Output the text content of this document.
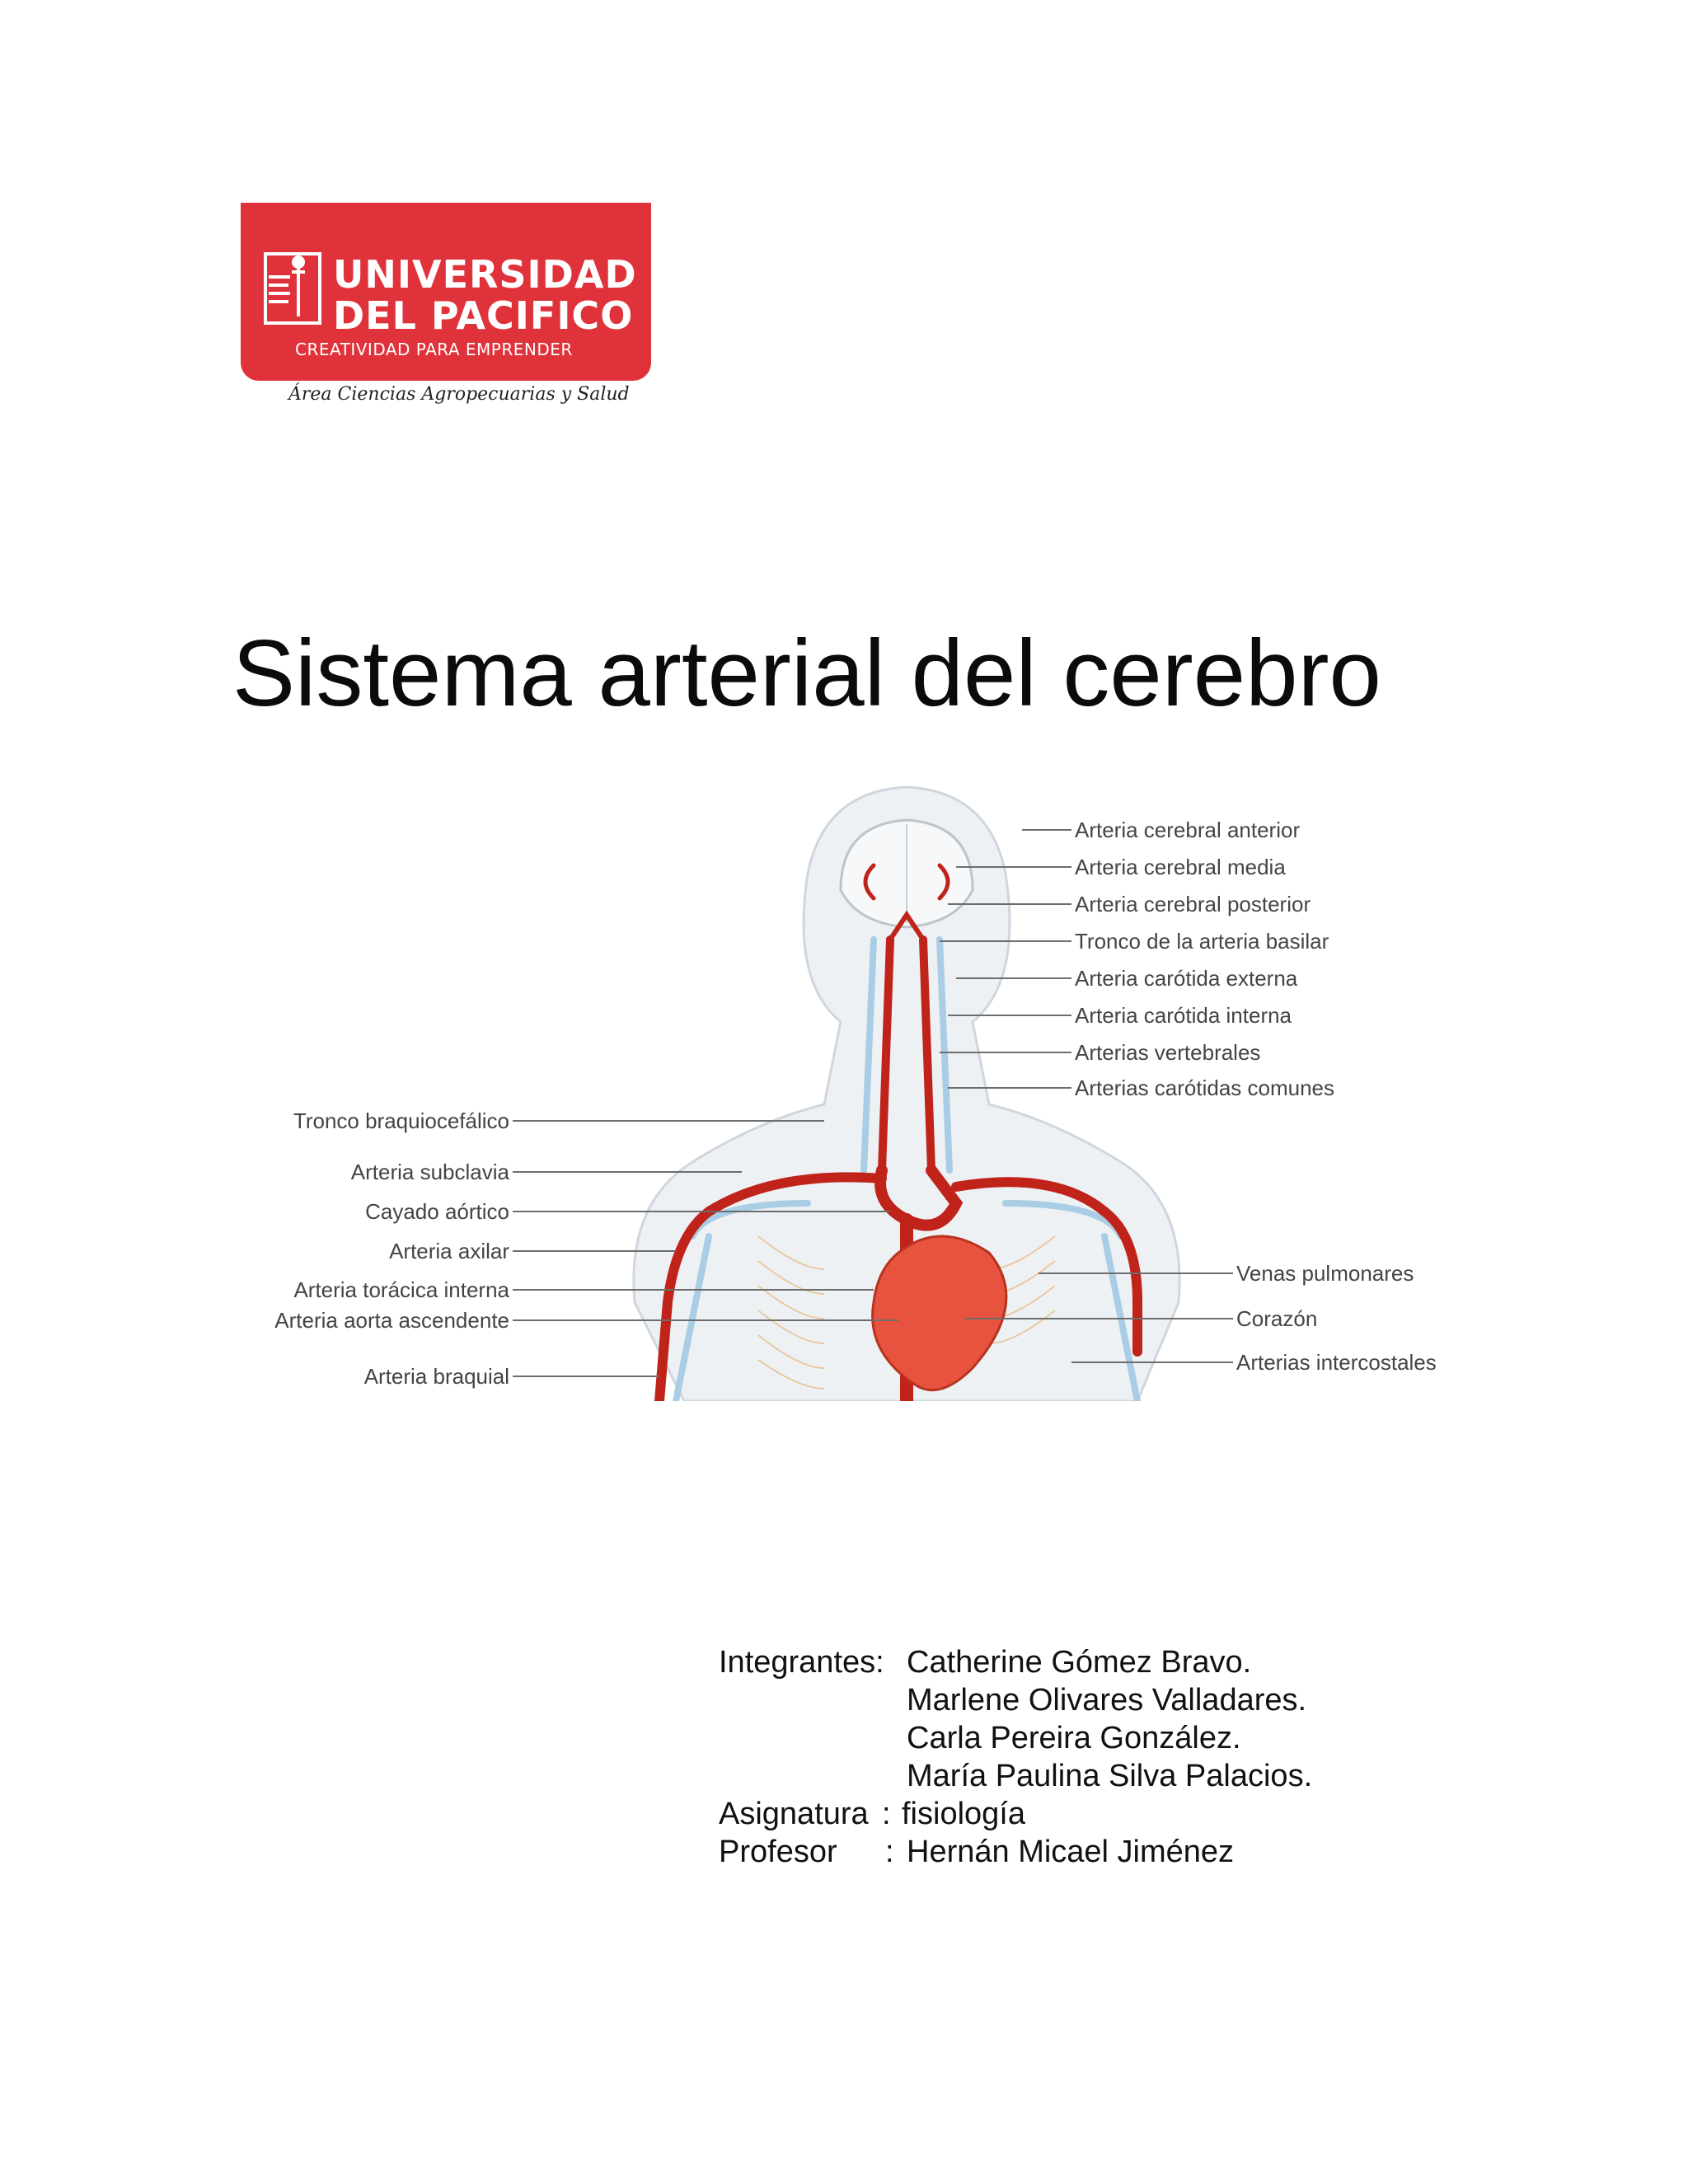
UNIVERSIDAD
DEL PACIFICO
CREATIVIDAD PARA EMPRENDER
Área Ciencias Agropecuarias y Salud
Sistema arterial del cerebro
Arteria cerebral anterior
Arteria cerebral media
Arteria cerebral posterior
Tronco de la arteria basilar
Arteria carótida externa
Arteria carótida interna
Arterias vertebrales
Arterias carótidas comunes
Tronco braquiocefálico
Arteria subclavia
Cayado aórtico
Arteria axilar
Arteria torácica interna
Arteria aorta ascendente
Arteria braquial
Venas pulmonares
Corazón
Arterias intercostales
Integrantes: Catherine Gómez Bravo.
Marlene Olivares Valladares.
Carla Pereira González.
María Paulina Silva Palacios.
Asignatura : fisiología
Profesor : Hernán Micael Jiménez
